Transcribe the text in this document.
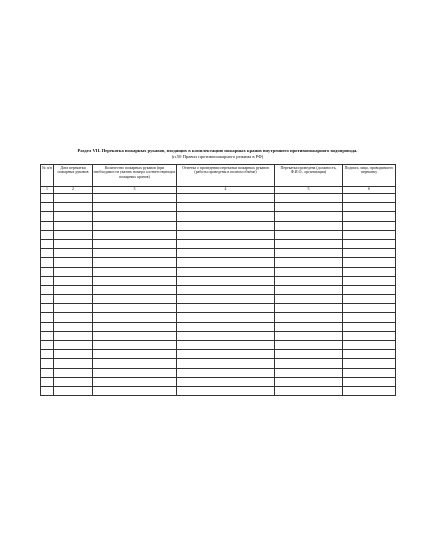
Раздел VII. Перекатка пожарных рукавов, входящих в комплектацию пожарных кранов внутреннего противопожарного водопровода.
(п.50 Правил противопожарного режима в РФ)
№ п/п	Дата перекатки пожарных рукавов	Количество пожарных рукавов (при необходимости указать номера соответствующих пожарных кранов)	Отметка о проведении перекатки пожарных рукавов (работы проведены в полном объёме)	Перекатка проведена (должность, Ф.И.О., организация)	Подпись лица, проводившего перекатку
1	2	3	4	5	6
